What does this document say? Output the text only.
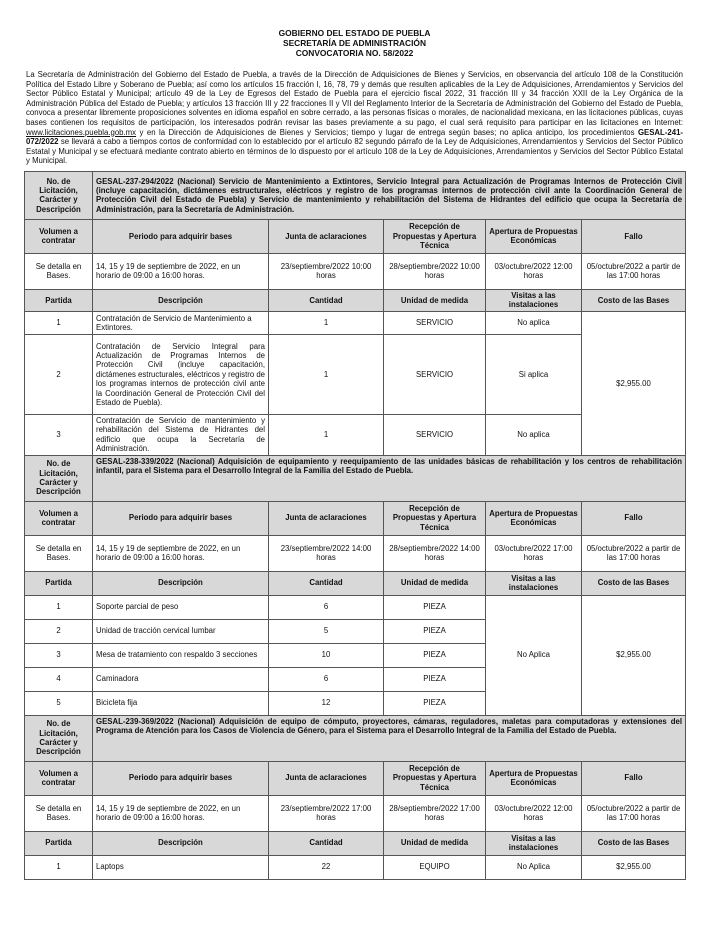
GOBIERNO DEL ESTADO DE PUEBLA
SECRETARÍA DE ADMINISTRACIÓN
CONVOCATORIA NO. 58/2022
La Secretaría de Administración del Gobierno del Estado de Puebla, a través de la Dirección de Adquisiciones de Bienes y Servicios, en observancia del artículo 108 de la Constitución Política del Estado Libre y Soberano de Puebla; así como los artículos 15 fracción I, 16, 78, 79 y demás que resulten aplicables de la Ley de Adquisiciones, Arrendamientos y Servicios del Sector Público Estatal y Municipal; artículo 49 de la Ley de Egresos del Estado de Puebla para el ejercicio fiscal 2022, 31 fracción III y 34 fracción XXII de la Ley Orgánica de la Administración Pública del Estado de Puebla; y artículos 13 fracción III y 22 fracciones II y VII del Reglamento Interior de la Secretaría de Administración del Gobierno del Estado de Puebla, convoca a presentar libremente proposiciones solventes en idioma español en sobre cerrado, a las personas físicas o morales, de nacionalidad mexicana, en las licitaciones públicas, cuyas bases contienen los requisitos de participación, los interesados podrán revisar las bases previamente a su pago, el cual será requisito para participar en las licitaciones en Internet: www.licitaciones.puebla.gob.mx y en la Dirección de Adquisiciones de Bienes y Servicios; tiempo y lugar de entrega según bases; no aplica anticipo, los procedimientos GESAL-241-072/2022 se llevará a cabo a tiempos cortos de conformidad con lo establecido por el artículo 82 segundo párrafo de la Ley de Adquisiciones, Arrendamientos y Servicios del Sector Público Estatal y Municipal y se efectuará mediante contrato abierto en términos de lo dispuesto por el artículo 108 de la Ley de Adquisiciones, Arrendamientos y Servicios del Sector Público Estatal y Municipal.
No. de Licitación, Carácter y Descripción	GESAL-237-294/2022 (Nacional) Servicio de Mantenimiento a Extintores, Servicio Integral para Actualización de Programas Internos de Protección Civil (incluye capacitación, dictámenes estructurales, eléctricos y registro de los programas internos de protección civil ante la Coordinación General de Protección Civil del Estado de Puebla) y Servicio de mantenimiento y rehabilitación del Sistema de Hidrantes del edificio que ocupa la Secretaría de Administración, para la Secretaría de Administración.				
Volumen a contratar	Periodo para adquirir bases	Junta de aclaraciones	Recepción de Propuestas y Apertura Técnica	Apertura de Propuestas Económicas	Fallo
Se detalla en Bases.	14, 15 y 19 de septiembre de 2022, en un horario de 09:00 a 16:00 horas.	23/septiembre/2022 10:00 horas	28/septiembre/2022 10:00 horas	03/octubre/2022 12:00 horas	05/octubre/2022 a partir de las 17:00 horas
Partida	Descripción	Cantidad	Unidad de medida	Visitas a las instalaciones	Costo de las Bases
1	Contratación de Servicio de Mantenimiento a Extintores.	1	SERVICIO	No aplica	$2,955.00
2	Contratación de Servicio Integral para Actualización de Programas Internos de Protección Civil (incluye capacitación, dictámenes estructurales, eléctricos y registro de los programas internos de protección civil ante la Coordinación General de Protección Civil del Estado de Puebla).	1	SERVICIO	Si aplica	
3	Contratación de Servicio de mantenimiento y rehabilitación del Sistema de Hidrantes del edificio que ocupa la Secretaría de Administración.	1	SERVICIO	No aplica	
No. de Licitación, Carácter y Descripción	GESAL-238-339/2022 (Nacional) Adquisición de equipamiento y reequipamiento de las unidades básicas de rehabilitación y los centros de rehabilitación infantil, para el Sistema para el Desarrollo Integral de la Familia del Estado de Puebla.				
Volumen a contratar	Periodo para adquirir bases	Junta de aclaraciones	Recepción de Propuestas y Apertura Técnica	Apertura de Propuestas Económicas	Fallo
Se detalla en Bases.	14, 15 y 19 de septiembre de 2022, en un horario de 09:00 a 16:00 horas.	23/septiembre/2022 14:00 horas	28/septiembre/2022 14:00 horas	03/octubre/2022 17:00 horas	05/octubre/2022 a partir de las 17:00 horas
Partida	Descripción	Cantidad	Unidad de medida	Visitas a las instalaciones	Costo de las Bases
1	Soporte parcial de peso	6	PIEZA	No Aplica	$2,955.00
2	Unidad de tracción cervical lumbar	5	PIEZA		
3	Mesa de tratamiento con respaldo 3 secciones	10	PIEZA		
4	Caminadora	6	PIEZA		
5	Bicicleta fija	12	PIEZA		
No. de Licitación, Carácter y Descripción	GESAL-239-369/2022 (Nacional) Adquisición de equipo de cómputo, proyectores, cámaras, reguladores, maletas para computadoras y extensiones del Programa de Atención para los Casos de Violencia de Género, para el Sistema para el Desarrollo Integral de la Familia del Estado de Puebla.				
Volumen a contratar	Periodo para adquirir bases	Junta de aclaraciones	Recepción de Propuestas y Apertura Técnica	Apertura de Propuestas Económicas	Fallo
Se detalla en Bases.	14, 15 y 19 de septiembre de 2022, en un horario de 09:00 a 16:00 horas.	23/septiembre/2022 17:00 horas	28/septiembre/2022 17:00 horas	03/octubre/2022 12:00 horas	05/octubre/2022 a partir de las 17:00 horas
Partida	Descripción	Cantidad	Unidad de medida	Visitas a las instalaciones	Costo de las Bases
1	Laptops	22	EQUIPO	No Aplica	$2,955.00
